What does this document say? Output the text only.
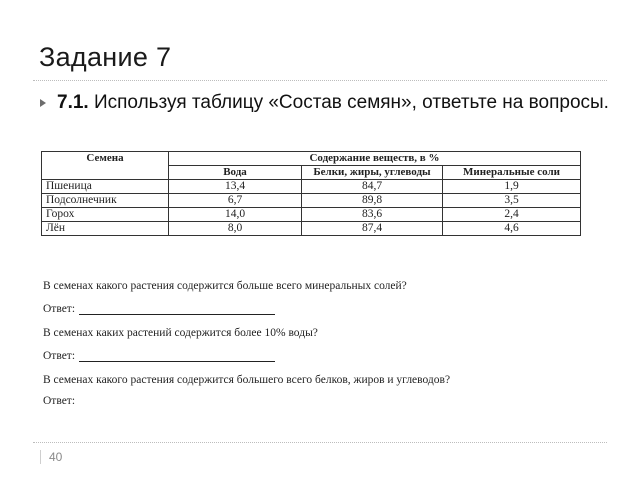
Задание 7
7.1. Используя таблицу «Состав семян», ответьте на вопросы.
Семена	Содержание веществ, в %		
	Вода	Белки, жиры, углеводы	Минеральные соли
Пшеница	13,4	84,7	1,9
Подсолнечник	6,7	89,8	3,5
Горох	14,0	83,6	2,4
Лён	8,0	87,4	4,6
В семенах какого растения содержится больше всего минеральных солей?
Ответ:
В семенах каких растений содержится более 10% воды?
Ответ:
В семенах какого растения содержится большего всего белков, жиров и углеводов?
Ответ:
40
